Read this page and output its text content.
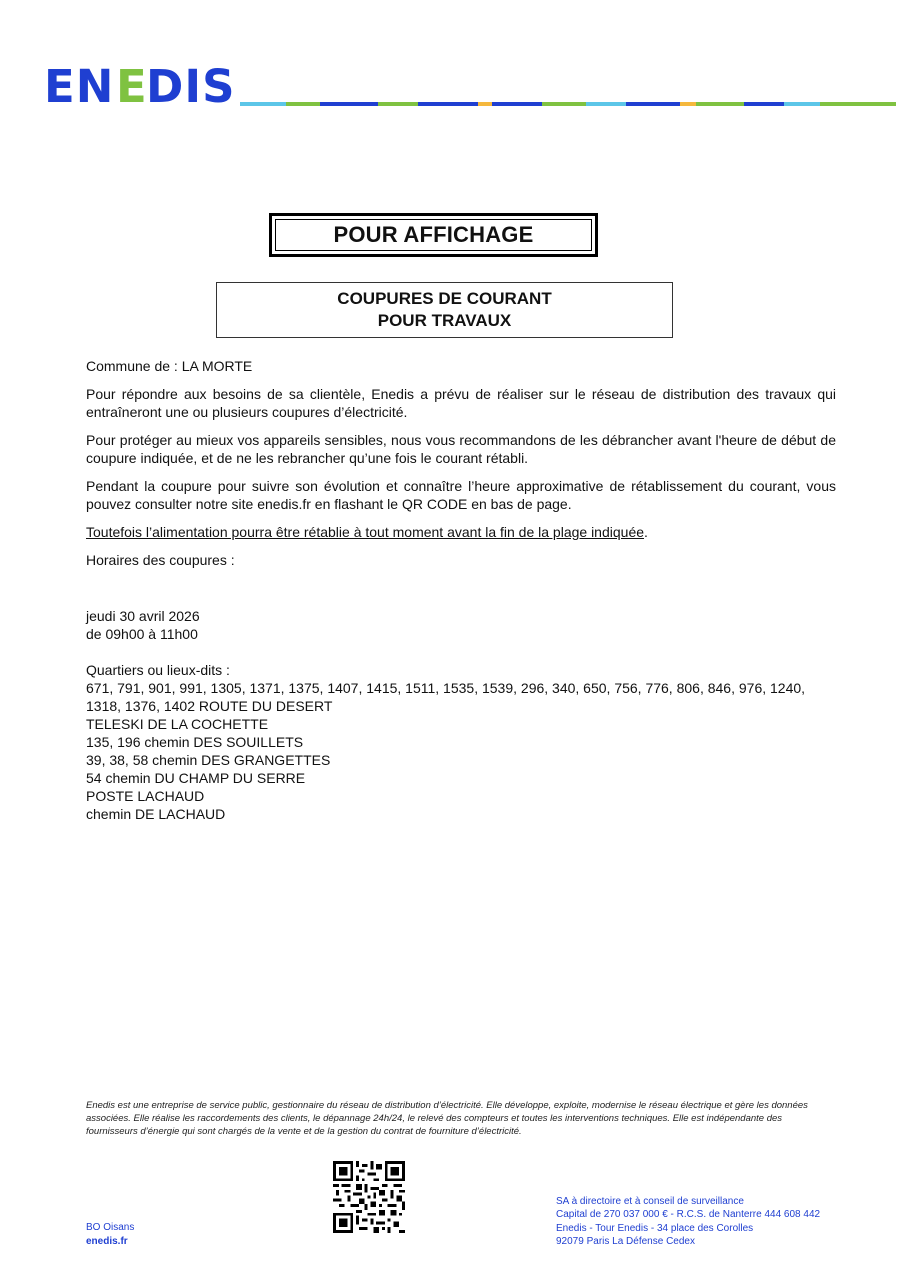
EN E DIS
POUR AFFICHAGE
COUPURES DE COURANT
POUR TRAVAUX

Commune de : LA MORTE

Pour répondre aux besoins de sa clientèle, Enedis a prévu de réaliser sur le réseau de distribution des travaux qui entraîneront une ou plusieurs coupures d’électricité.

Pour protéger au mieux vos appareils sensibles, nous vous recommandons de les débrancher avant l'heure de début de coupure indiquée, et de ne les rebrancher qu’une fois le courant rétabli.

Pendant la coupure pour suivre son évolution et connaître l’heure approximative de rétablissement du courant, vous pouvez consulter notre site enedis.fr en flashant le QR CODE en bas de page.

Toutefois l’alimentation pourra être rétablie à tout moment avant la fin de la plage indiquée.

Horaires des coupures :

jeudi 30 avril 2026
de 09h00 à 11h00
Quartiers ou lieux-dits :
671, 791, 901, 991, 1305, 1371, 1375, 1407, 1415, 1511, 1535, 1539, 296, 340, 650, 756, 776, 806, 846, 976, 1240, 1318, 1376, 1402 ROUTE DU DESERT
TELESKI DE LA COCHETTE
135, 196 chemin DES SOUILLETS
39, 38, 58 chemin DES GRANGETTES
54 chemin DU CHAMP DU SERRE
POSTE LACHAUD
chemin DE LACHAUD
Enedis est une entreprise de service public, gestionnaire du réseau de distribution d’électricité. Elle développe, exploite, modernise le réseau électrique et gère les données associées. Elle réalise les raccordements des clients, le dépannage 24h/24, le relevé des compteurs et toutes les interventions techniques. Elle est indépendante des fournisseurs d’énergie qui sont chargés de la vente et de la gestion du contrat de fourniture d’électricité.
BO Oisans
enedis.fr
SA à directoire et à conseil de surveillance
Capital de 270 037 000 € - R.C.S. de Nanterre 444 608 442
Enedis - Tour Enedis - 34 place des Corolles
92079 Paris La Défense Cedex
